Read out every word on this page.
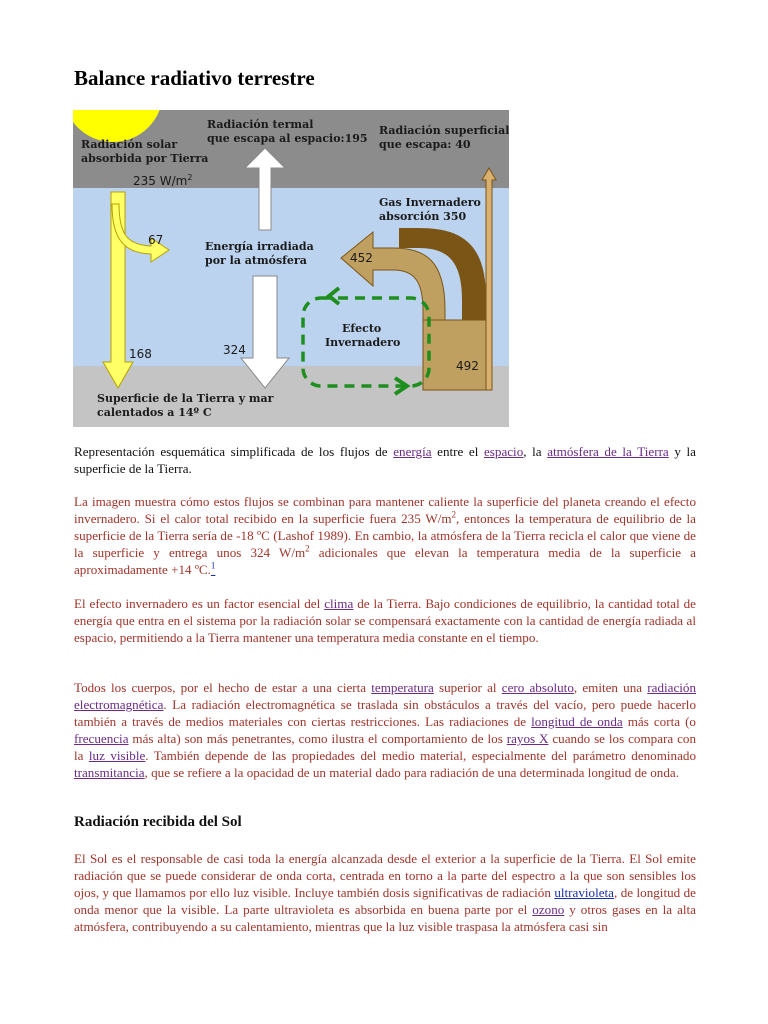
Balance radiativo terrestre
Radiación solar
absorbida por Tierra
235 $W/m^2$
Radiación termal
que escapa al espacio:195
Radiación superficial
que escapa: 40
Gas Invernadero
absorción 350
Energía irradiada
por la atmósfera
Efecto
Invernadero
Superficie de la Tierra y mar
calentados a 14º C
67
168	324
452
492

Representación esquemática simplificada de los flujos de energía entre el espacio, la atmósfera de la Tierra y la superficie de la Tierra.

La imagen muestra cómo estos flujos se combinan para mantener caliente la superficie del planeta creando el efecto invernadero. Si el calor total recibido en la superficie fuera 235 $W/m^2$, entonces la temperatura de equilibrio de la superficie de la Tierra sería de -18 ºC (Lashof 1989). En cambio, la atmósfera de la Tierra recicla el calor que viene de la superficie y entrega unos 324 $W/m^2$ adicionales que elevan la temperatura media de la superficie a aproximadamente +14 ºC.$^1$

El efecto invernadero es un factor esencial del clima de la Tierra. Bajo condiciones de equilibrio, la cantidad total de energía que entra en el sistema por la radiación solar se compensará exactamente con la cantidad de energía radiada al espacio, permitiendo a la Tierra mantener una temperatura media constante en el tiempo.

Todos los cuerpos, por el hecho de estar a una cierta temperatura superior al cero absoluto, emiten una radiación electromagnética. La radiación electromagnética se traslada sin obstáculos a través del vacío, pero puede hacerlo también a través de medios materiales con ciertas restricciones. Las radiaciones de longitud de onda más corta (o frecuencia más alta) son más penetrantes, como ilustra el comportamiento de los rayos X cuando se los compara con la luz visible. También depende de las propiedades del medio material, especialmente del parámetro denominado transmitancia, que se refiere a la opacidad de un material dado para radiación de una determinada longitud de onda.

Radiación recibida del Sol

El Sol es el responsable de casi toda la energía alcanzada desde el exterior a la superficie de la Tierra. El Sol emite radiación que se puede considerar de onda corta, centrada en torno a la parte del espectro a la que son sensibles los ojos, y que llamamos por ello luz visible. Incluye también dosis significativas de radiación ultravioleta, de longitud de onda menor que la visible. La parte ultravioleta es absorbida en buena parte por el ozono y otros gases en la alta atmósfera, contribuyendo a su calentamiento, mientras que la luz visible traspasa la atmósfera casi sin
